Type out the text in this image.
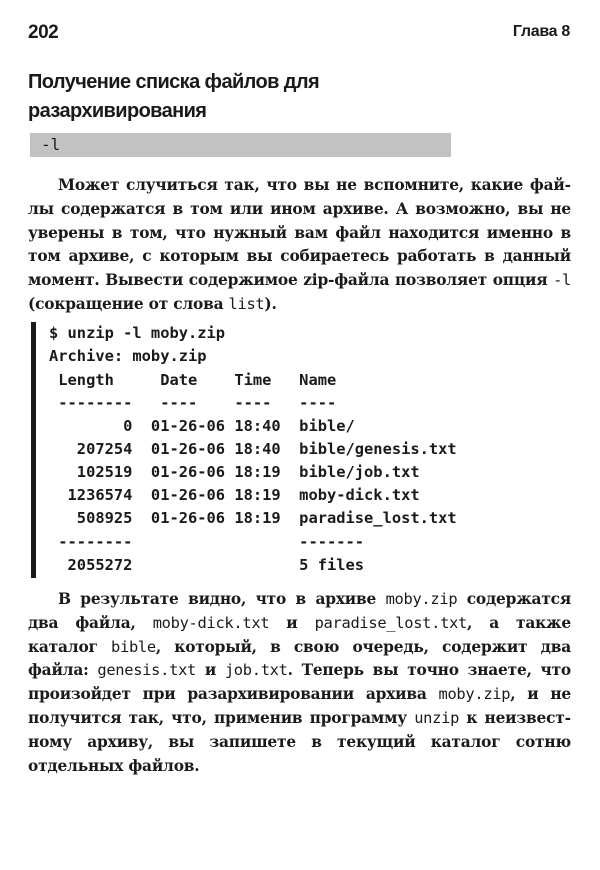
202	Глава 8
Получение списка файлов для разархивирования
-l
Может случиться так, что вы не вспомните, какие файлы содержатся в том или ином архиве. А возможно, вы не уверены в том, что нужный вам файл находится именно в том архиве, с которым вы собираетесь работать в данный момент. Вывести содержимое zip-файла позволяет опция -l (сокращение от слова list).
$ unzip -l moby.zip
Archive: moby.zip
Length     Date    Time   Name
--------   ----    ----   ----
0  01-26-06 18:40  bible/
207254  01-26-06 18:40  bible/genesis.txt
102519  01-26-06 18:19  bible/job.txt
1236574  01-26-06 18:19  moby-dick.txt
508925  01-26-06 18:19  paradise_lost.txt
--------                  -------
2055272                  5 files
В результате видно, что в архиве moby.zip содержатся два файла, moby-dick.txt и paradise_lost.txt, а также каталог bible, который, в свою очередь, содержит два файла: genesis.txt и job.txt. Теперь вы точно знаете, что произойдет при разархивировании архива moby.zip, и не получится так, что, применив программу unzip к неизвестному архиву, вы запишете в текущий каталог сотню отдельных файлов.
